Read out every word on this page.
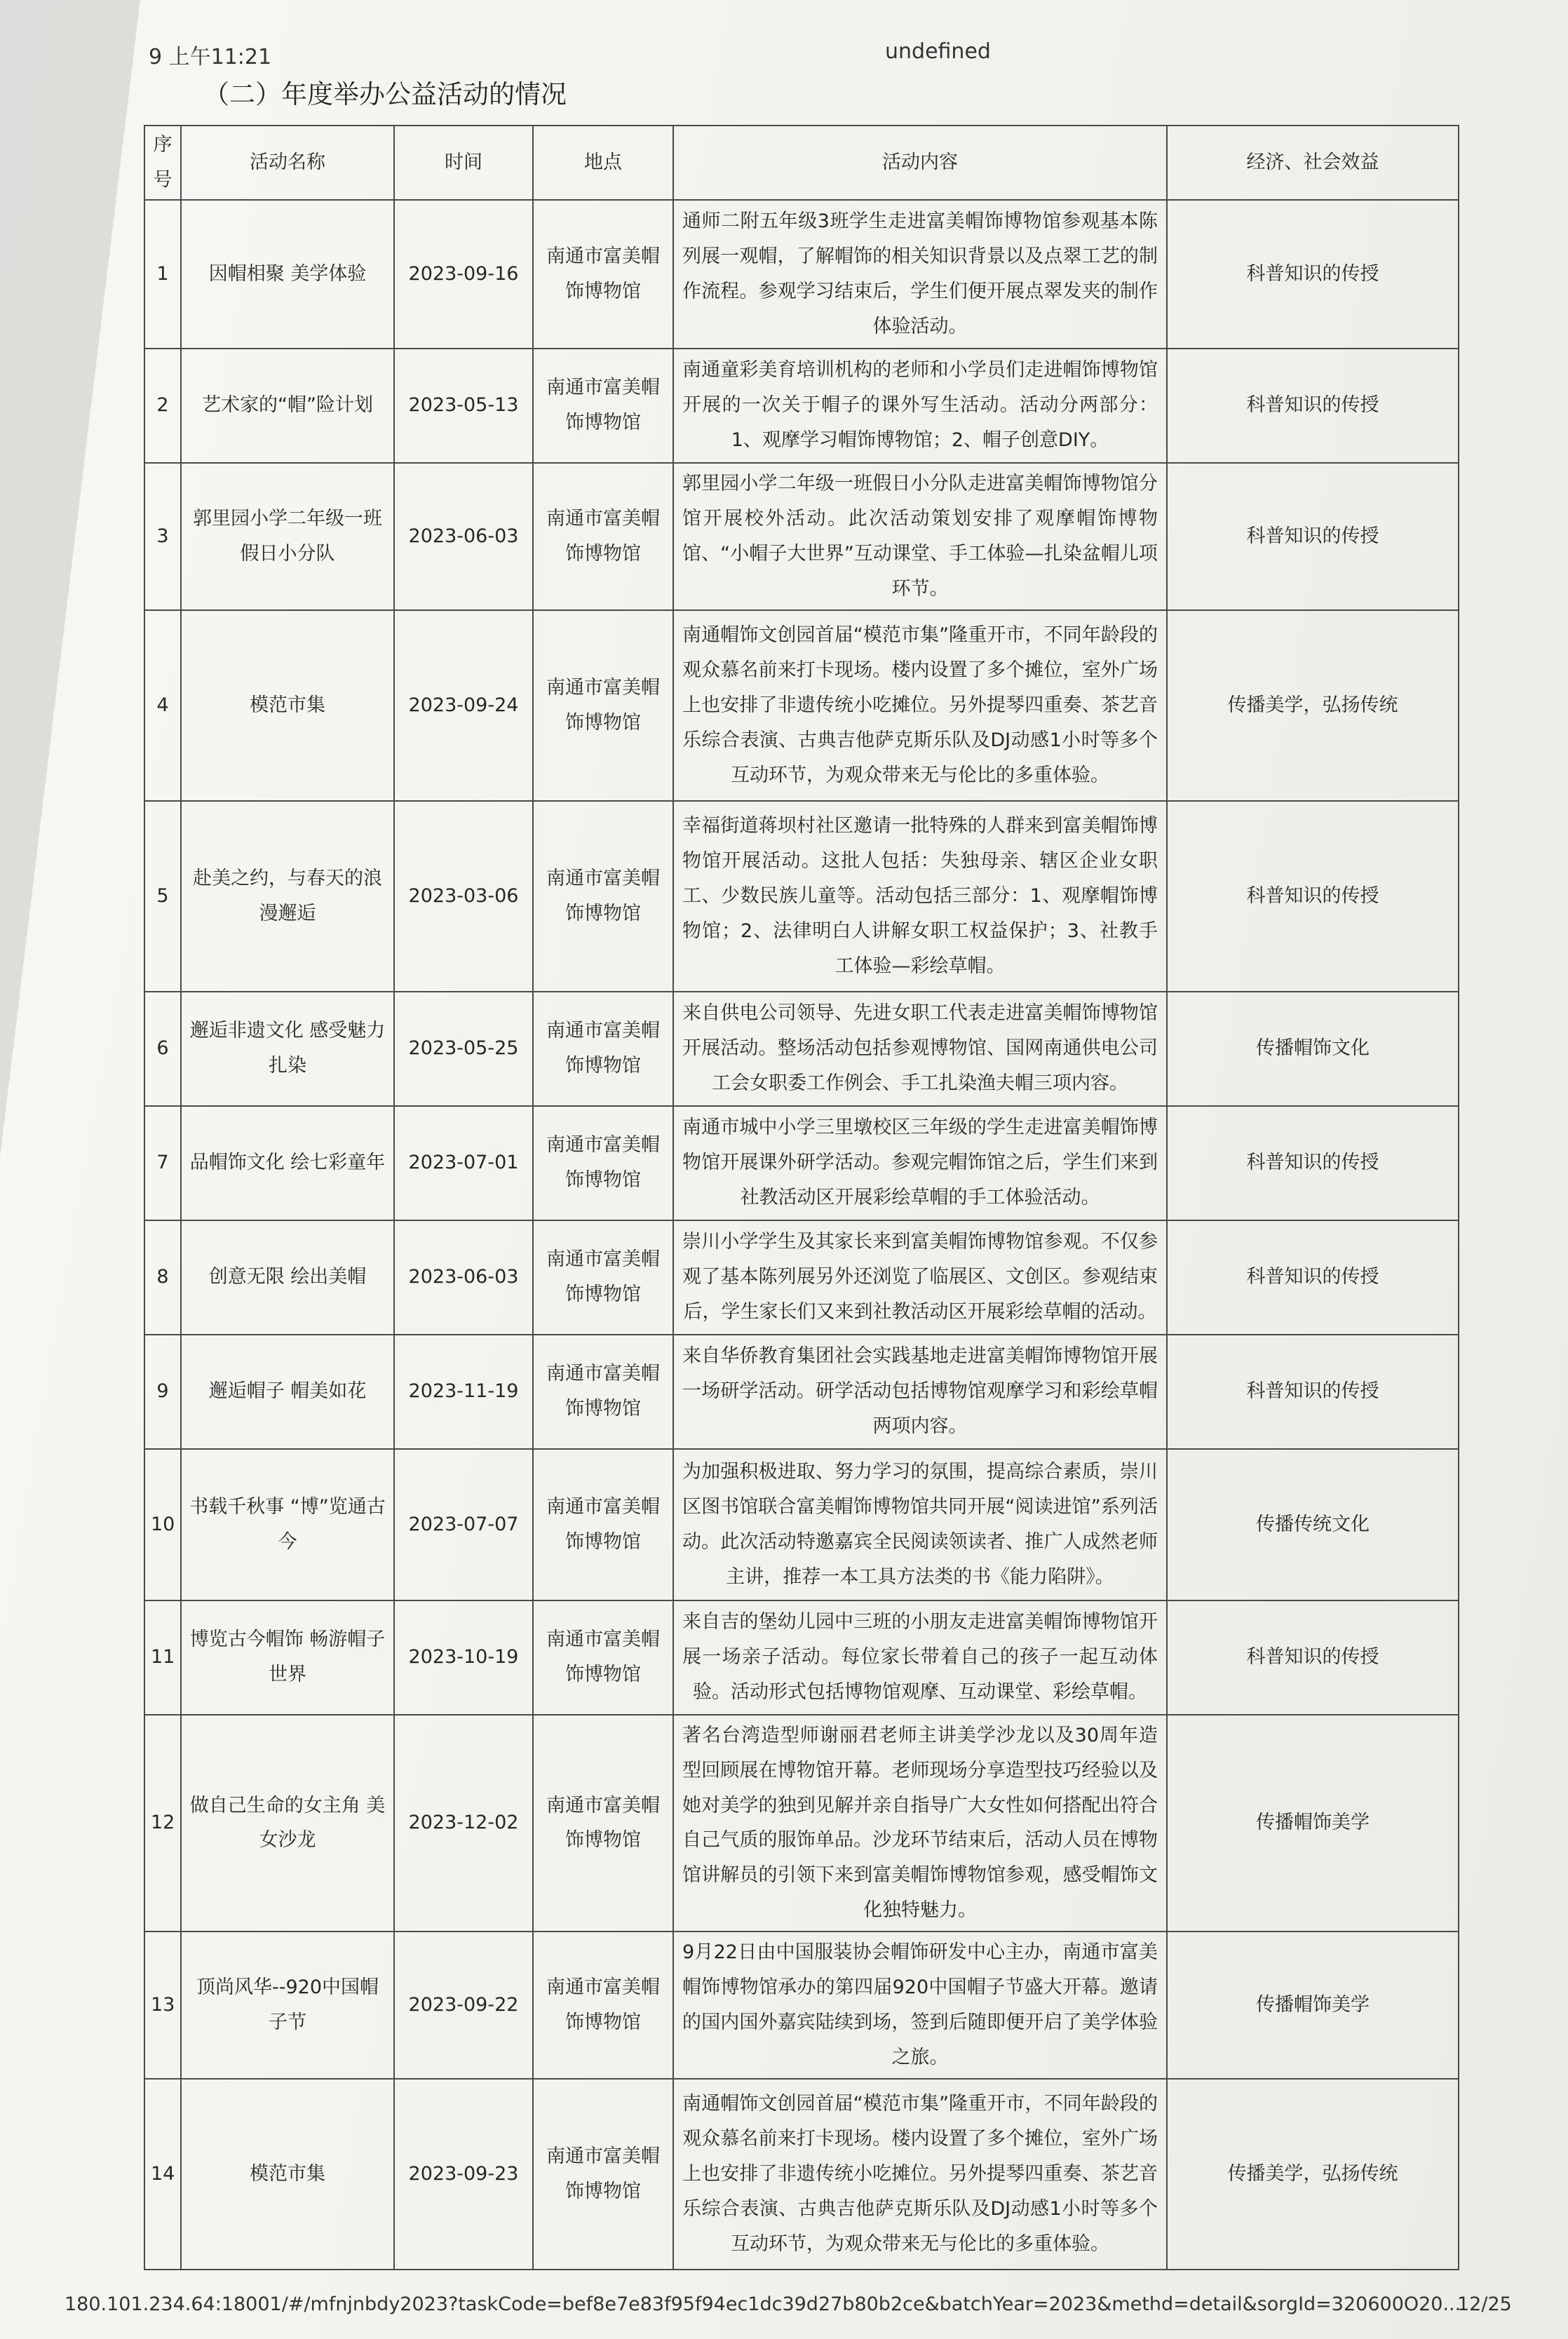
9 上午11:21	undefined
（二）年度举办公益活动的情况
序号	活动名称	时间	地点	活动内容	经济、社会效益
1	因帽相聚 美学体验	2023-09-16	南通市富美帽饰博物馆	通师二附五年级3班学生走进富美帽饰博物馆参观基本陈列展一观帽，了解帽饰的相关知识背景以及点翠工艺的制作流程。参观学习结束后，学生们便开展点翠发夹的制作体验活动。	科普知识的传授
2	艺术家的“帽”险计划	2023-05-13	南通市富美帽饰博物馆	南通童彩美育培训机构的老师和小学员们走进帽饰博物馆开展的一次关于帽子的课外写生活动。活动分两部分：1、观摩学习帽饰博物馆；2、帽子创意DIY。	科普知识的传授
3	郭里园小学二年级一班假日小分队	2023-06-03	南通市富美帽饰博物馆	郭里园小学二年级一班假日小分队走进富美帽饰博物馆分馆开展校外活动。此次活动策划安排了观摩帽饰博物馆、“小帽子大世界”互动课堂、手工体验—扎染盆帽儿项环节。	科普知识的传授
4	模范市集	2023-09-24	南通市富美帽饰博物馆	南通帽饰文创园首届“模范市集”隆重开市，不同年龄段的观众慕名前来打卡现场。楼内设置了多个摊位，室外广场上也安排了非遗传统小吃摊位。另外提琴四重奏、茶艺音乐综合表演、古典吉他萨克斯乐队及DJ动感1小时等多个互动环节，为观众带来无与伦比的多重体验。	传播美学，弘扬传统
5	赴美之约，与春天的浪漫邂逅	2023-03-06	南通市富美帽饰博物馆	幸福街道蒋坝村社区邀请一批特殊的人群来到富美帽饰博物馆开展活动。这批人包括：失独母亲、辖区企业女职工、少数民族儿童等。活动包括三部分：1、观摩帽饰博物馆；2、法律明白人讲解女职工权益保护；3、社教手工体验—彩绘草帽。	科普知识的传授
6	邂逅非遗文化 感受魅力扎染	2023-05-25	南通市富美帽饰博物馆	来自供电公司领导、先进女职工代表走进富美帽饰博物馆开展活动。整场活动包括参观博物馆、国网南通供电公司工会女职委工作例会、手工扎染渔夫帽三项内容。	传播帽饰文化
7	品帽饰文化 绘七彩童年	2023-07-01	南通市富美帽饰博物馆	南通市城中小学三里墩校区三年级的学生走进富美帽饰博物馆开展课外研学活动。参观完帽饰馆之后，学生们来到社教活动区开展彩绘草帽的手工体验活动。	科普知识的传授
8	创意无限 绘出美帽	2023-06-03	南通市富美帽饰博物馆	崇川小学学生及其家长来到富美帽饰博物馆参观。不仅参观了基本陈列展另外还浏览了临展区、文创区。参观结束后，学生家长们又来到社教活动区开展彩绘草帽的活动。	科普知识的传授
9	邂逅帽子 帽美如花	2023-11-19	南通市富美帽饰博物馆	来自华侨教育集团社会实践基地走进富美帽饰博物馆开展一场研学活动。研学活动包括博物馆观摩学习和彩绘草帽两项内容。	科普知识的传授
10	书载千秋事 “博”览通古今	2023-07-07	南通市富美帽饰博物馆	为加强积极进取、努力学习的氛围，提高综合素质，崇川区图书馆联合富美帽饰博物馆共同开展“阅读进馆”系列活动。此次活动特邀嘉宾全民阅读领读者、推广人成然老师主讲，推荐一本工具方法类的书《能力陷阱》。	传播传统文化
11	博览古今帽饰 畅游帽子世界	2023-10-19	南通市富美帽饰博物馆	来自吉的堡幼儿园中三班的小朋友走进富美帽饰博物馆开展一场亲子活动。每位家长带着自己的孩子一起互动体验。活动形式包括博物馆观摩、互动课堂、彩绘草帽。	科普知识的传授
12	做自己生命的女主角 美女沙龙	2023-12-02	南通市富美帽饰博物馆	著名台湾造型师谢丽君老师主讲美学沙龙以及30周年造型回顾展在博物馆开幕。老师现场分享造型技巧经验以及她对美学的独到见解并亲自指导广大女性如何搭配出符合自己气质的服饰单品。沙龙环节结束后，活动人员在博物馆讲解员的引领下来到富美帽饰博物馆参观，感受帽饰文化独特魅力。	传播帽饰美学
13	顶尚风华--920中国帽子节	2023-09-22	南通市富美帽饰博物馆	9月22日由中国服装协会帽饰研发中心主办，南通市富美帽饰博物馆承办的第四届920中国帽子节盛大开幕。邀请的国内国外嘉宾陆续到场，签到后随即便开启了美学体验之旅。	传播帽饰美学
14	模范市集	2023-09-23	南通市富美帽饰博物馆	南通帽饰文创园首届“模范市集”隆重开市，不同年龄段的观众慕名前来打卡现场。楼内设置了多个摊位，室外广场上也安排了非遗传统小吃摊位。另外提琴四重奏、茶艺音乐综合表演、古典吉他萨克斯乐队及DJ动感1小时等多个互动环节，为观众带来无与伦比的多重体验。	传播美学，弘扬传统
180.101.234.64:18001/#/mfnjnbdy2023?taskCode=bef8e7e83f95f94ec1dc39d27b80b2ce&batchYear=2023&methd=detail&sorgId=320600O20...
12/25
